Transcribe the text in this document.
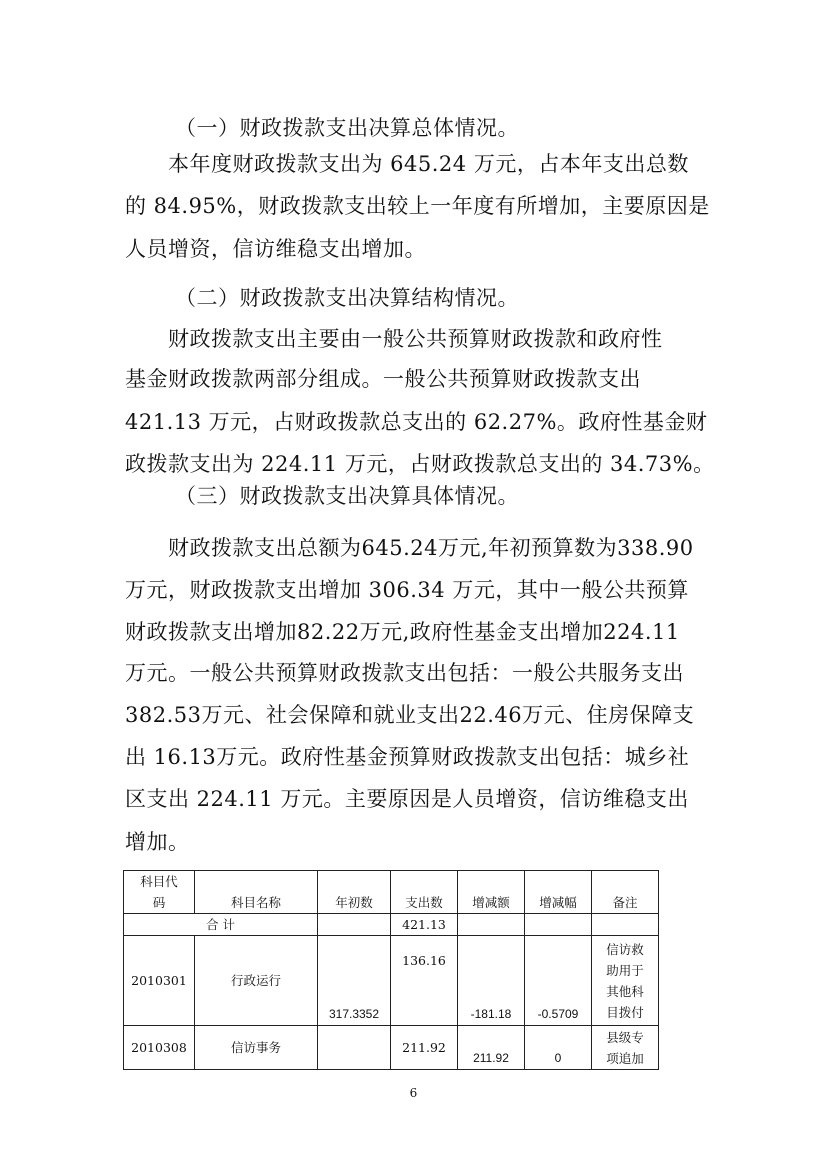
（一）财政拨款支出决算总体情况。
本年度财政拨款支出为 645.24 万元，占本年支出总数
的 84.95%，财政拨款支出较上一年度有所增加，主要原因是
人员增资，信访维稳支出增加。
（二）财政拨款支出决算结构情况。
财政拨款支出主要由一般公共预算财政拨款和政府性
基金财政拨款两部分组成。一般公共预算财政拨款支出
421.13 万元，占财政拨款总支出的 62.27%。政府性基金财
政拨款支出为 224.11 万元，占财政拨款总支出的 34.73%。
（三）财政拨款支出决算具体情况。
财政拨款支出总额为645.24万元,年初预算数为338.90
万元，财政拨款支出增加 306.34 万元，其中一般公共预算
财政拨款支出增加82.22万元,政府性基金支出增加224.11
万元。一般公共预算财政拨款支出包括：一般公共服务支出
382.53万元、社会保障和就业支出22.46万元、住房保障支
出 16.13万元。政府性基金预算财政拨款支出包括：城乡社
区支出 224.11 万元。主要原因是人员增资，信访维稳支出
增加。
科目代
码	科目名称	年初数	支出数	增减额	增减幅	备注
合 计			421.13			
2010301	行政运行	317.3352	136.16	-181.18	-0.5709	信访救
助用于
其他科
目拨付

2010308	信访事务		211.92	211.92	0	县级专
项追加
6
